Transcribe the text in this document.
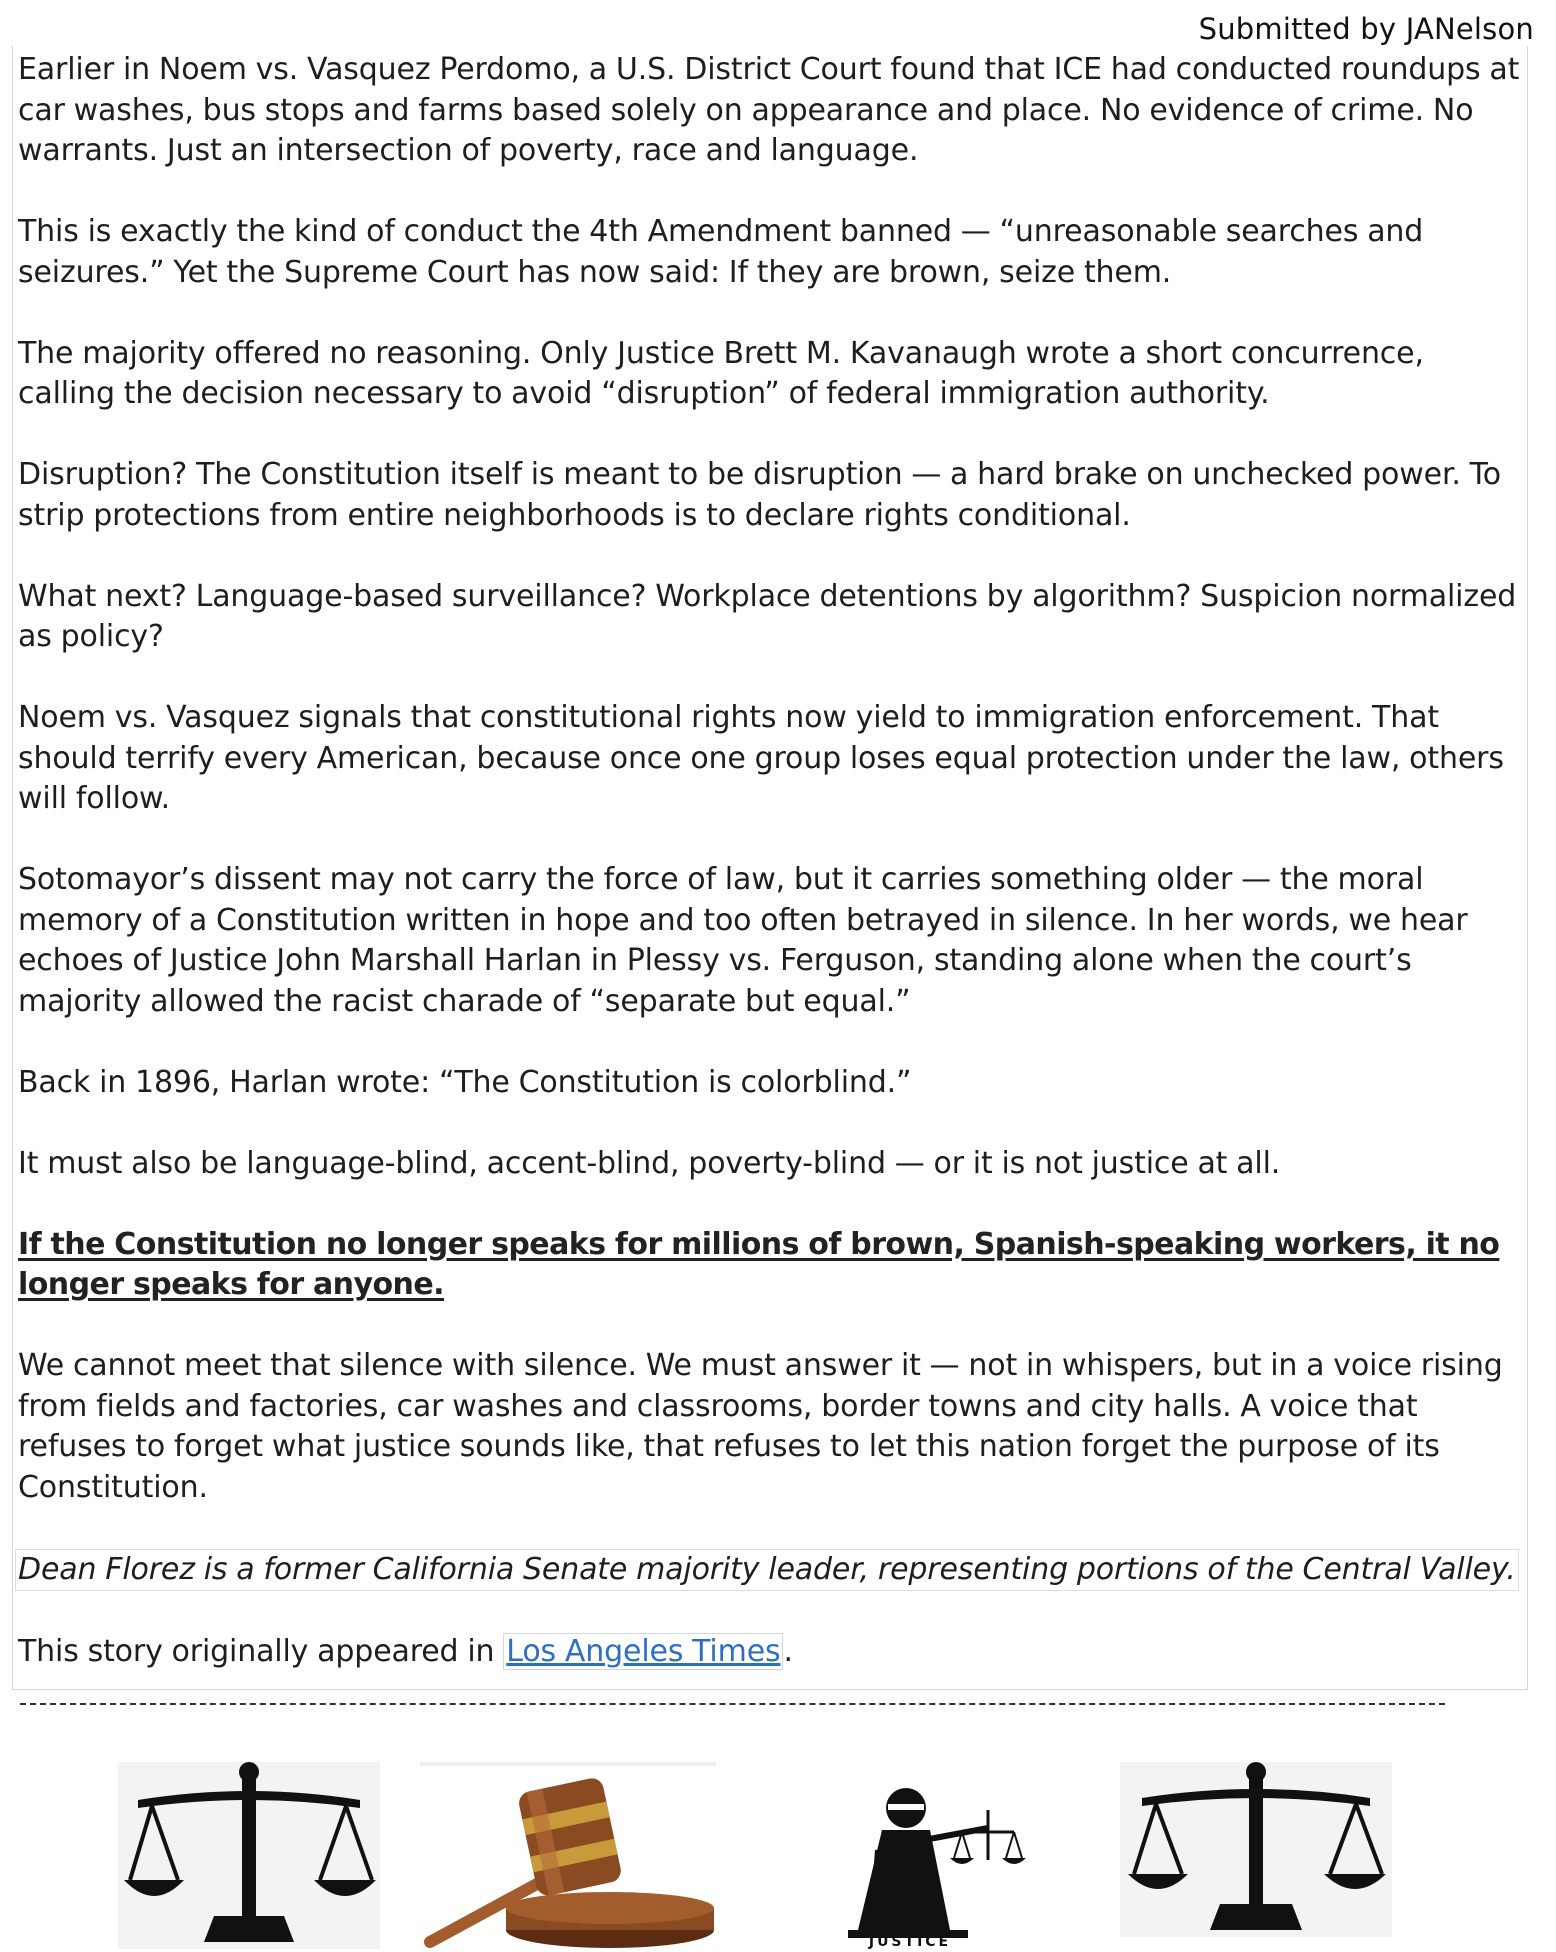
Submitted by JANelson

Earlier in Noem vs. Vasquez Perdomo, a U.S. District Court found that ICE had conducted roundups at car washes, bus stops and farms based solely on appearance and place. No evidence of crime. No warrants. Just an intersection of poverty, race and language.

This is exactly the kind of conduct the 4th Amendment banned — “unreasonable searches and seizures.” Yet the Supreme Court has now said: If they are brown, seize them.

The majority offered no reasoning. Only Justice Brett M. Kavanaugh wrote a short concurrence, calling the decision necessary to avoid “disruption” of federal immigration authority.

Disruption? The Constitution itself is meant to be disruption — a hard brake on unchecked power. To strip protections from entire neighborhoods is to declare rights conditional.

What next? Language-based surveillance? Workplace detentions by algorithm? Suspicion normalized as policy?

Noem vs. Vasquez signals that constitutional rights now yield to immigration enforcement. That should terrify every American, because once one group loses equal protection under the law, others will follow.

Sotomayor’s dissent may not carry the force of law, but it carries something older — the moral memory of a Constitution written in hope and too often betrayed in silence. In her words, we hear echoes of Justice John Marshall Harlan in Plessy vs. Ferguson, standing alone when the court’s majority allowed the racist charade of “separate but equal.”

Back in 1896, Harlan wrote: “The Constitution is colorblind.”

It must also be language-blind, accent-blind, poverty-blind — or it is not justice at all.

If the Constitution no longer speaks for millions of brown, Spanish-speaking workers, it no longer speaks for anyone.

We cannot meet that silence with silence. We must answer it — not in whispers, but in a voice rising from fields and factories, car washes and classrooms, border towns and city halls. A voice that refuses to forget what justice sounds like, that refuses to let this nation forget the purpose of its Constitution.

Dean Florez is a former California Senate majority leader, representing portions of the Central Valley.

This story originally appeared in Los Angeles Times .

JUSTICE
